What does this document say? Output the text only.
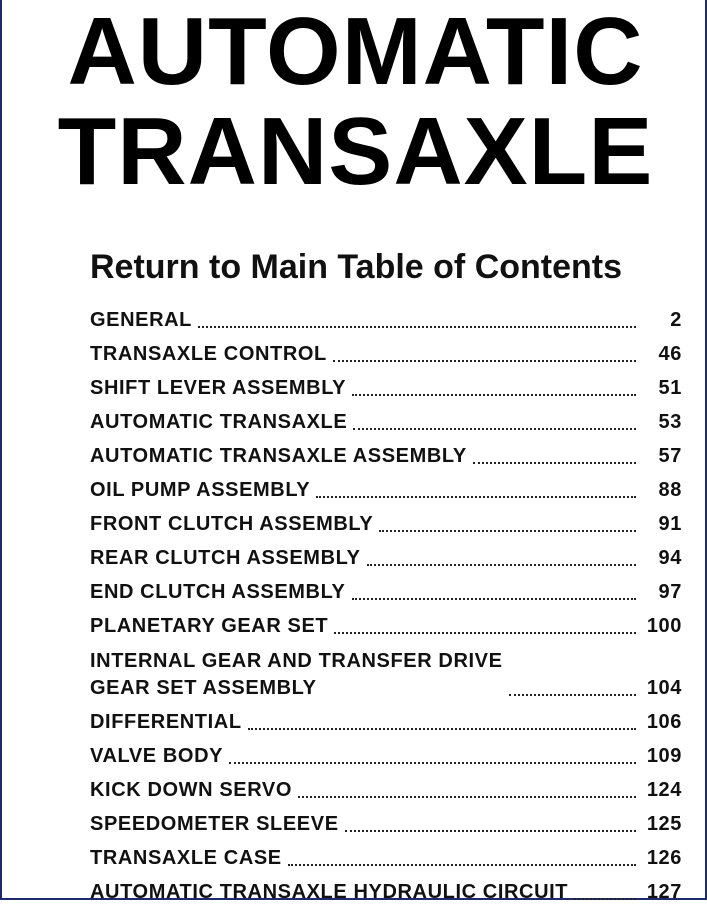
AUTOMATIC
TRANSAXLE
Return to Main Table of Contents
GENERAL	2
TRANSAXLE CONTROL	46
SHIFT LEVER ASSEMBLY	51
AUTOMATIC TRANSAXLE	53
AUTOMATIC TRANSAXLE ASSEMBLY	57
OIL PUMP ASSEMBLY	88
FRONT CLUTCH ASSEMBLY	91
REAR CLUTCH ASSEMBLY	94
END CLUTCH ASSEMBLY	97
PLANETARY GEAR SET	100
INTERNAL GEAR AND TRANSFER DRIVE
GEAR SET ASSEMBLY	104
DIFFERENTIAL	106
VALVE BODY	109
KICK DOWN SERVO	124
SPEEDOMETER SLEEVE	125
TRANSAXLE CASE	126
AUTOMATIC TRANSAXLE HYDRAULIC CIRCUIT	127
